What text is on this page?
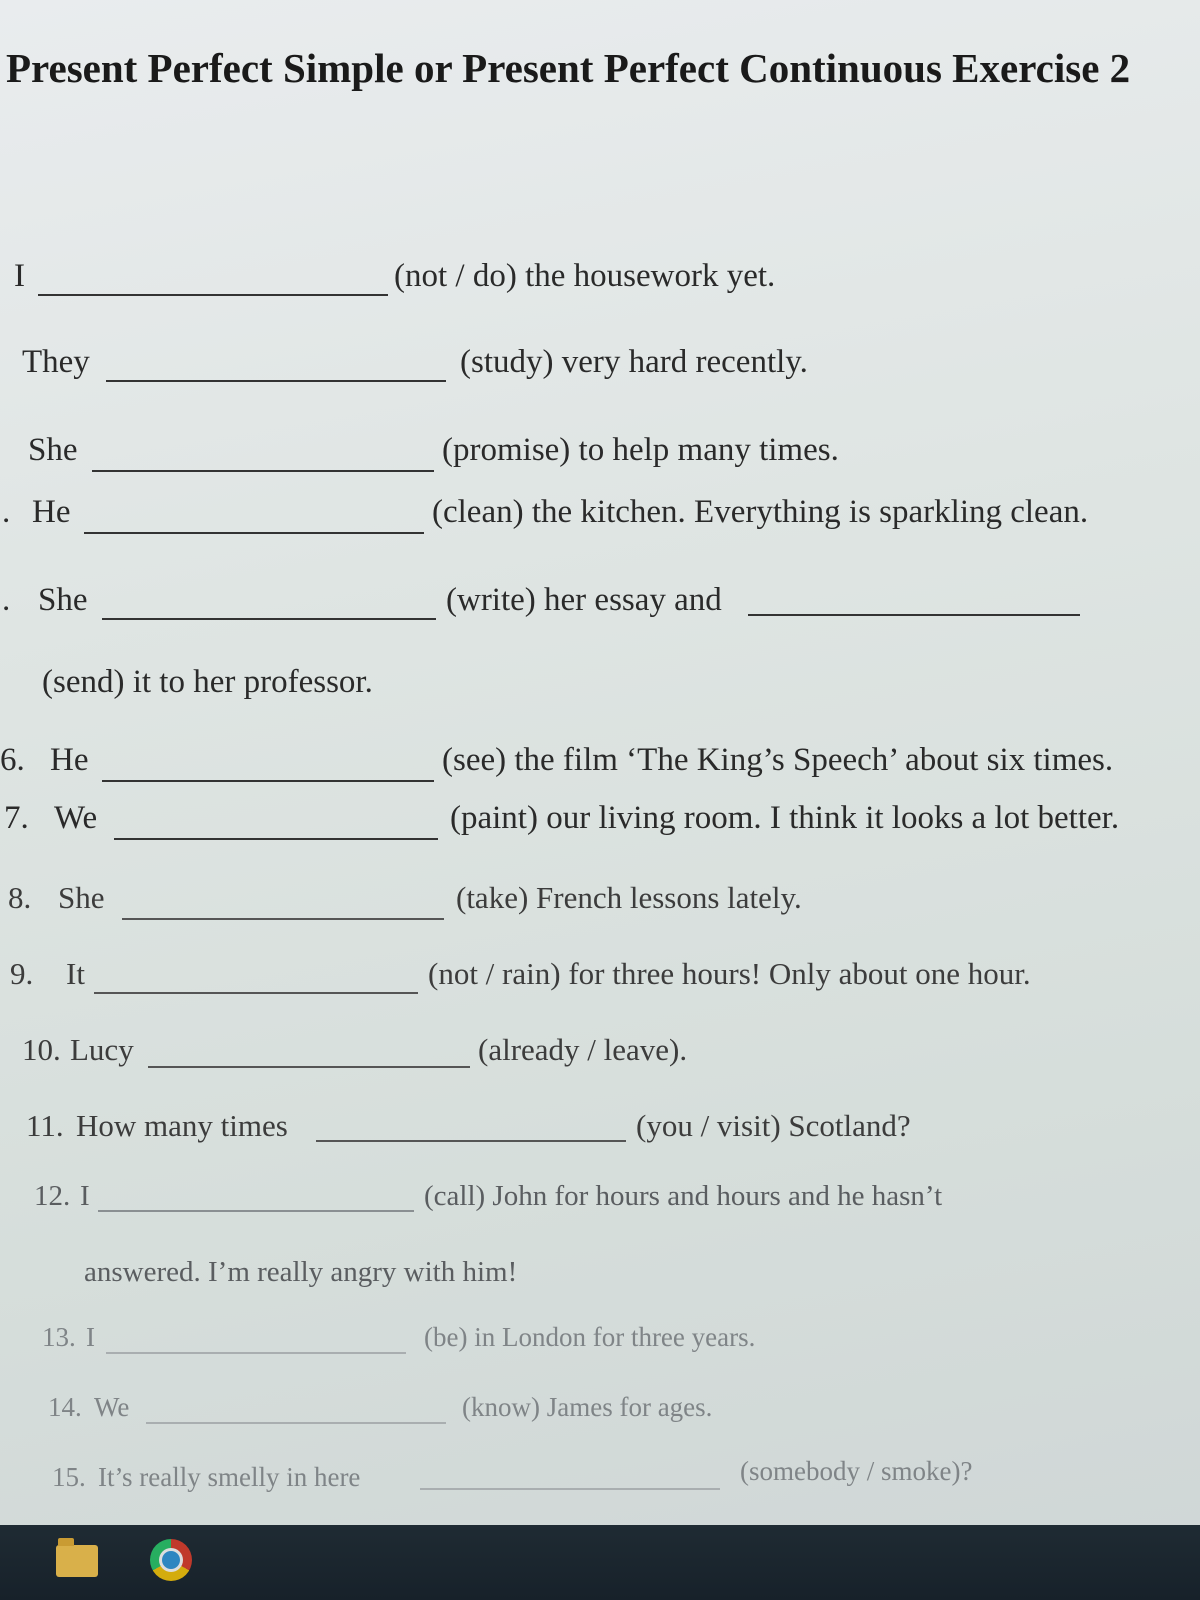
Present Perfect Simple or Present Perfect Continuous Exercise 2
I	(not / do) the housework yet.
They	(study) very hard recently.
She	(promise) to help many times.
. He	(clean) the kitchen. Everything is sparkling clean.
. She	(write) her essay and
(send) it to her professor.
6. He	(see) the film ‘The King’s Speech’ about six times.
7. We	(paint) our living room. I think it looks a lot better.
8. She	(take) French lessons lately.
9. It	(not / rain) for three hours! Only about one hour.
10. Lucy	(already / leave).
11. How many times	(you / visit) Scotland?
12. I	(call) John for hours and hours and he hasn’t
answered. I’m really angry with him!
13. I	(be) in London for three years.
14. We	(know) James for ages.
15. It’s really smelly in here	(somebody / smoke)?
